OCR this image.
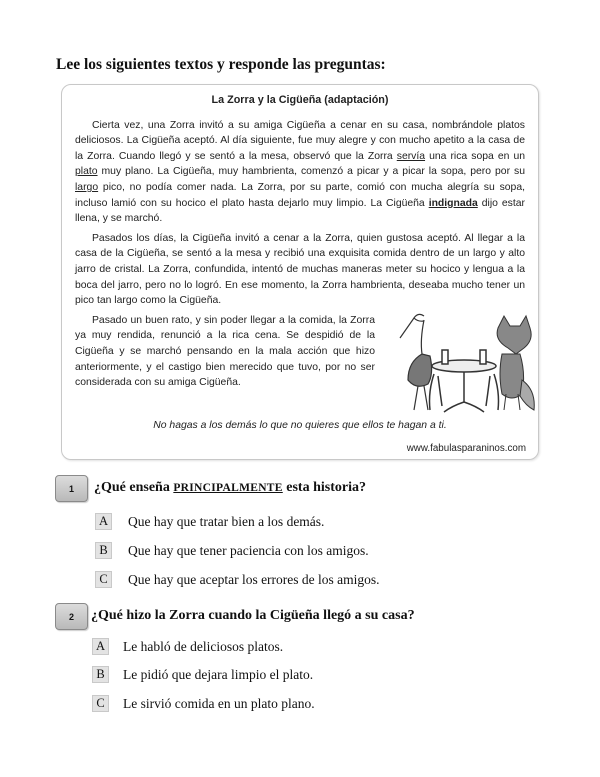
Lee los siguientes textos y responde las preguntas:
La Zorra y la Cigüeña (adaptación)

Cierta vez, una Zorra invitó a su amiga Cigüeña a cenar en su casa, nombrándole platos deliciosos. La Cigüeña aceptó. Al día siguiente, fue muy alegre y con mucho apetito a la casa de la Zorra. Cuando llegó y se sentó a la mesa, observó que la Zorra servía una rica sopa en un plato muy plano. La Cigüeña, muy hambrienta, comenzó a picar y a picar la sopa, pero por su largo pico, no podía comer nada. La Zorra, por su parte, comió con mucha alegría su sopa, incluso lamió con su hocico el plato hasta dejarlo muy limpio. La Cigüeña indignada dijo estar llena, y se marchó.

Pasados los días, la Cigüeña invitó a cenar a la Zorra, quien gustosa aceptó. Al llegar a la casa de la Cigüeña, se sentó a la mesa y recibió una exquisita comida dentro de un largo y alto jarro de cristal. La Zorra, confundida, intentó de muchas maneras meter su hocico y lengua a la boca del jarro, pero no lo logró. En ese momento, la Zorra hambrienta, deseaba mucho tener un pico tan largo como la Cigüeña.

Pasado un buen rato, y sin poder llegar a la comida, la Zorra ya muy rendida, renunció a la rica cena. Se despidió de la Cigüeña y se marchó pensando en la mala acción que hizo anteriormente, y el castigo bien merecido que tuvo, por no ser considerada con su amiga Cigüeña.

No hagas a los demás lo que no quieres que ellos te hagan a ti.
www.fabulasparaninos.com
1	¿Qué enseña PRINCIPALMENTE esta historia?
A Que hay que tratar bien a los demás.
B	Que hay que tener paciencia con los amigos.
C	Que hay que aceptar los errores de los amigos.
2	¿Qué hizo la Zorra cuando la Cigüeña llegó a su casa?
A Le habló de deliciosos platos.
B	Le pidió que dejara limpio el plato.
C	Le sirvió comida en un plato plano.
